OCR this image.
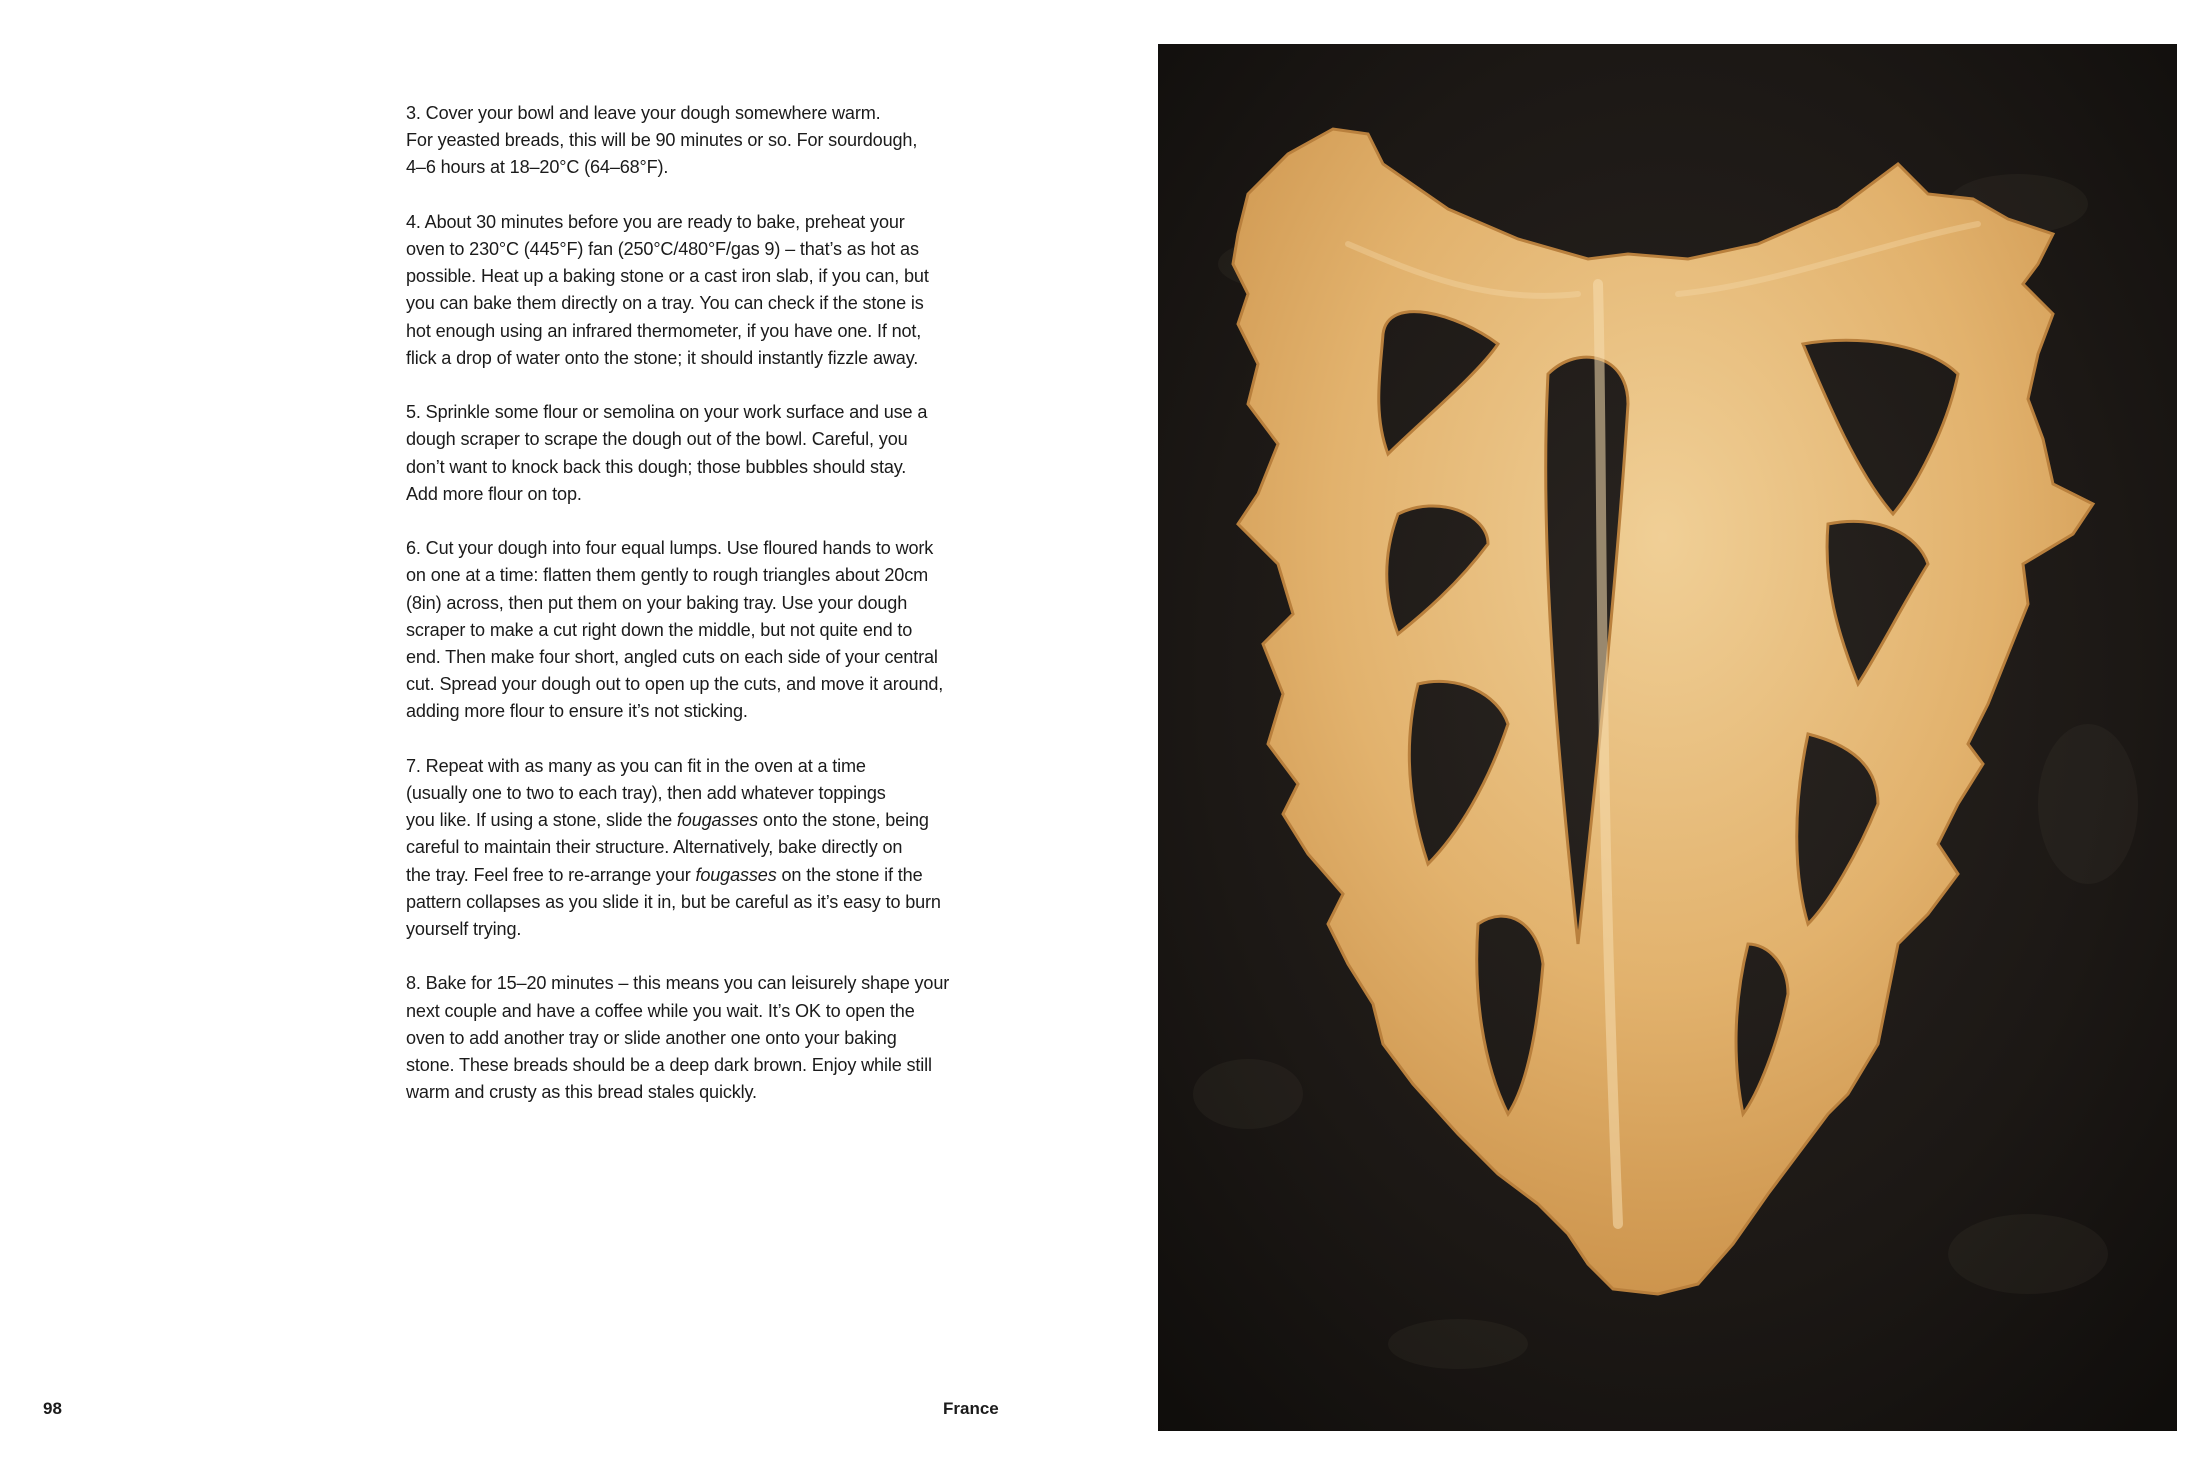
3. Cover your bowl and leave your dough somewhere warm.
For yeasted breads, this will be 90 minutes or so. For sourdough,
4–6 hours at 18–20°C (64–68°F).
4. About 30 minutes before you are ready to bake, preheat your
oven to 230°C (445°F) fan (250°C/480°F/gas 9) – that’s as hot as
possible. Heat up a baking stone or a cast iron slab, if you can, but
you can bake them directly on a tray. You can check if the stone is
hot enough using an infrared thermometer, if you have one. If not,
flick a drop of water onto the stone; it should instantly fizzle away.
5. Sprinkle some flour or semolina on your work surface and use a
dough scraper to scrape the dough out of the bowl. Careful, you
don’t want to knock back this dough; those bubbles should stay.
Add more flour on top.
6. Cut your dough into four equal lumps. Use floured hands to work
on one at a time: flatten them gently to rough triangles about 20cm
(8in) across, then put them on your baking tray. Use your dough
scraper to make a cut right down the middle, but not quite end to
end. Then make four short, angled cuts on each side of your central
cut. Spread your dough out to open up the cuts, and move it around,
adding more flour to ensure it’s not sticking.
7. Repeat with as many as you can fit in the oven at a time
(usually one to two to each tray), then add whatever toppings
you like. If using a stone, slide the fougasses onto the stone, being
careful to maintain their structure. Alternatively, bake directly on
the tray. Feel free to re-arrange your fougasses on the stone if the
pattern collapses as you slide it in, but be careful as it’s easy to burn
yourself trying.
8. Bake for 15–20 minutes – this means you can leisurely shape your
next couple and have a coffee while you wait. It’s OK to open the
oven to add another tray or slide another one onto your baking
stone. These breads should be a deep dark brown. Enjoy while still
warm and crusty as this bread stales quickly.
98	France
